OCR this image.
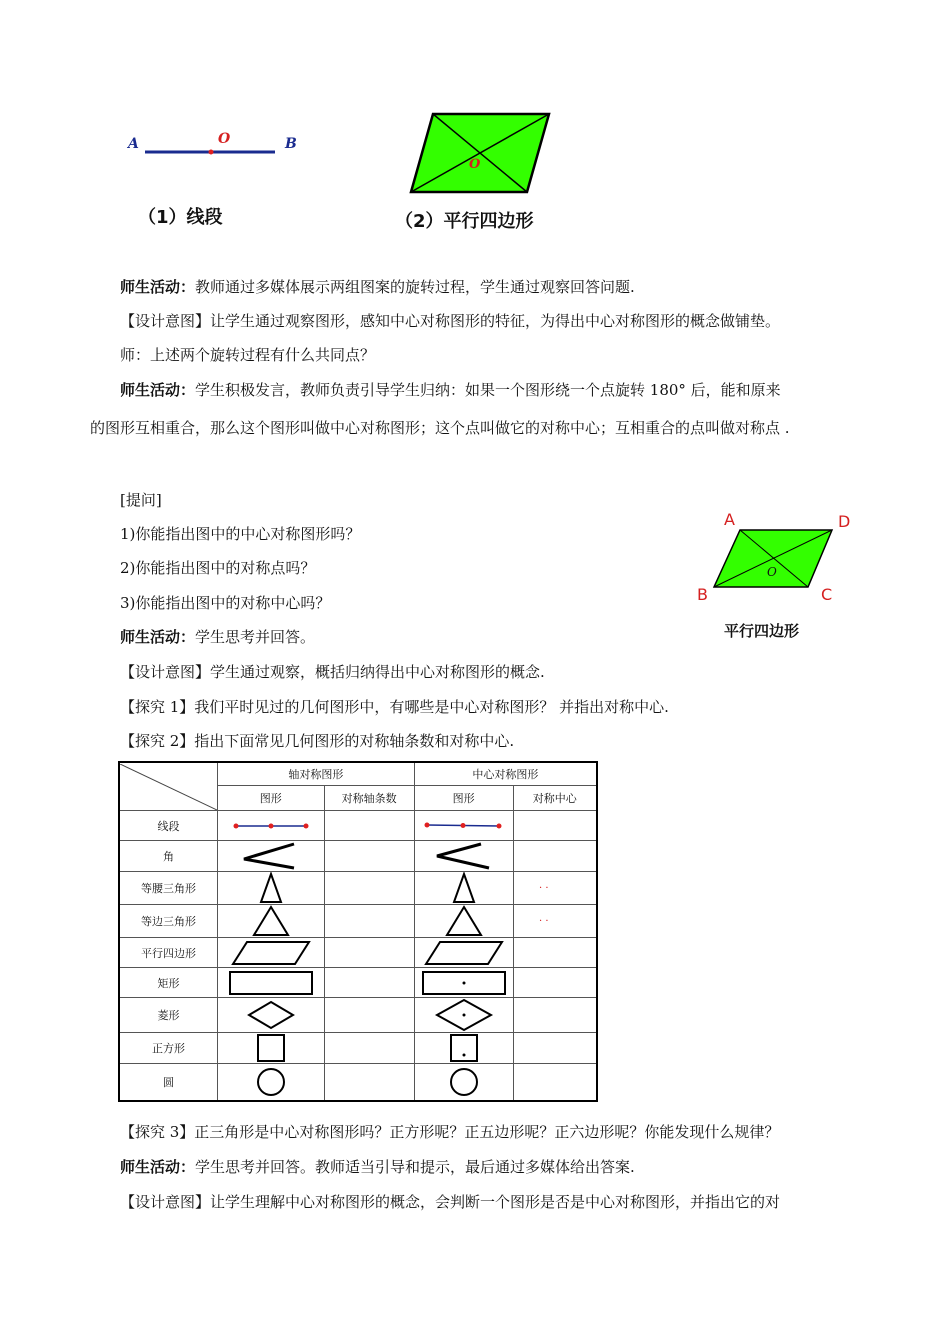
A	O	B
（1）线段
O
（2）平行四边形
师生活动：教师通过多媒体展示两组图案的旋转过程，学生通过观察回答问题.
【设计意图】让学生通过观察图形，感知中心对称图形的特征，为得出中心对称图形的概念做铺垫。
师：上述两个旋转过程有什么共同点？
师生活动：学生积极发言，教师负责引导学生归纳：如果一个图形绕一个点旋转 180° 后，能和原来
的图形互相重合，那么这个图形叫做中心对称图形；这个点叫做它的对称中心；互相重合的点叫做对称点 .
[提问]
1)你能指出图中的中心对称图形吗？
2)你能指出图中的对称点吗？
3)你能指出图中的对称中心吗？
师生活动：学生思考并回答。
【设计意图】学生通过观察，概括归纳得出中心对称图形的概念.
【探究 1】我们平时见过的几何图形中，有哪些是中心对称图形？ 并指出对称中心.
【探究 2】指出下面常见几何图形的对称轴条数和对称中心.
A	D
B	C
O
平行四边形
	轴对称图形		中心对称图形	
	图形	对称轴条数	图形	对称中心
线段	

角	

等腰三角形				· ·

等边三角形				· ·

平行四边形	

矩形	

菱形	

正方形	

圆	

【探究 3】正三角形是中心对称图形吗？正方形呢？正五边形呢？正六边形呢？你能发现什么规律？
师生活动：学生思考并回答。教师适当引导和提示，最后通过多媒体给出答案.
【设计意图】让学生理解中心对称图形的概念，会判断一个图形是否是中心对称图形，并指出它的对
